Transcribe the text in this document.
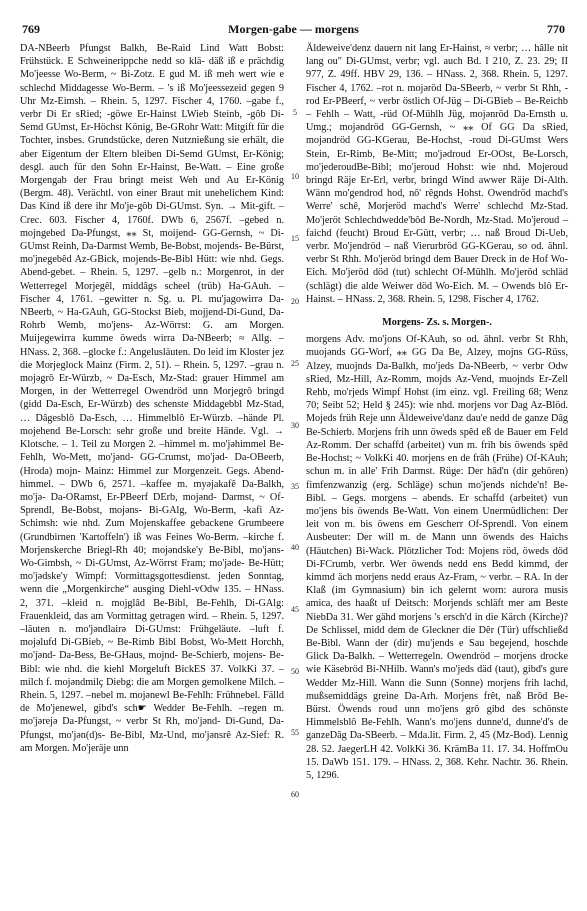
769	Morgen-gabe — morgens	770

DA-NBeerb Pfungst Balkh, Be-Raid Lind Watt Bobst: Frühstück. E Schweinerippche nedd so klä- däß iß e prächdig Mo'jeesse Wo-Berm, ~ Bi-Zotz. E gud M. iß meh wert wie e schlechd Middagesse Wo-Berm. – 's iß Mo'jeessezeid gegen 9 Uhr Mz-Eimsh. – Rhein. 5, 1297. Fischer 4, 1760. –gabe f., verbr Di Er sRied; -göwe Er-Hainst LWieb Steinb, -gôb Di-Semd GUmst, Er-Höchst König, Be-GRohr Watt: Mitgift für die Tochter, insbes. Grundstücke, deren Nutznießung sie erhält, die aber Eigentum der Eltern bleiben Di-Semd GUmst, Er-König; desgl. auch für den Sohn Er-Hainst, Be-Watt. – Eine große Morgengab der Frau bringt meist Weh und Au Er-König (Bergm. 48). Verächtl. von einer Braut mit unehelichem Kind: Das Kind iß dere ihr Mo'je-gôb Di-GUmst. Syn. → Mit-gift. – Crec. 603. Fischer 4, 1760f. DWb 6, 2567f. –gebed n. mojngebed Da-Pfungst, ⁎⁎ St, moijend- GG-Gernsh, ~ Di-GUmst Reinh, Da-Darmst Wemb, Be-Bobst, mojends- Be-Bürst, mo'jnegebêd Az-GBick, mojends-Be-Bibl Hütt: wie nhd. Gegs. Abend-gebet. – Rhein. 5, 1297. –gelb n.: Morgenrot, in der Wetterregel Morjegêl, middâgs scheel (trüb) Ha-GAuh. – Fischer 4, 1761. –gewitter n. Sg. u. Pl. mu'jagowirrə Da-NBeerb, ~ Ha-GAuh, GG-Stockst Bieb, mojjend-Di-Gund, Da-Rohrb Wemb, mo'jens- Az-Wörrst: G. am Morgen. Muijegewirra kumme öweds wirra Da-NBeerb; ≈ Allg. – HNass. 2, 368. –glocke f.: Angelusläuten. Do leid im Kloster jez die Morjeglock Mainz (Firm. 2, 51). – Rhein. 5, 1297. –grau n. mojəgrô Er-Würzb, ~ Da-Esch, Mz-Stad: grauer Himmel am Morgen, in der Wetterregel Owendröd unn Morjegrô bringd (gidd Da-Esch, Er-Würzb) des schenste Middagebbl Mz-Stad, … Dâgesblô Da-Esch, … Himmelblô Er-Würzb. –hände Pl. mojehend Be-Lorsch: sehr große und breite Hände. Vgl. → Klotsche. – 1. Teil zu Morgen 2. –himmel m. mo'jəhimmel Be-Fehlh, Wo-Mett, mo'jənd- GG-Crumst, mo'jəd- Da-OBeerb, (Hroda) mojn- Mainz: Himmel zur Morgenzeit. Gegs. Abend-himmel. – DWb 6, 2571. –kaffee m. myəjakafê Da-Balkh, mo'jə- Da-ORamst, Er-PBeerf DErb, mojənd- Darmst, ~ Of-Sprendl, Be-Bobst, mojəns- Bi-GAlg, Wo-Berm, -kafi Az-Schimsh: wie nhd. Zum Mojenskaffee gebackene Grumbeere (Grundbirnen 'Kartoffeln') iß was Feines Wo-Berm. –kirche f. Morjenskerche Briegl-Rh 40; mojəndske'y Be-Bibl, mo'jəns- Wo-Gimbsh, ~ Di-GUmst, Az-Wörrst Fram; mo'jəde- Be-Hütt; mo'jədske'y Wimpf: Vormittagsgottesdienst. jeden Sonntag, wenn die „Morgenkirche“ ausging Diehl-vOdw 135. – HNass. 2, 371. –kleid n. mojglâd Be-Bibl, Be-Fehlh, Di-GAlg: Frauenkleid, das am Vormittag getragen wird. – Rhein. 5, 1297. –läuten n. mo'jəndlairə Di-GUmst: Frühgeläute. –luft f. mojəlufd Di-GBieb, ~ Be-Rimb Bibl Bobst, Wo-Mett Horchh, mo'jənd- Da-Bess, Be-GHaus, mojnd- Be-Schierb, mojens- Be-Bibl: wie nhd. die kiehl Morgeluft BickES 37. VolkKi 37. –milch f. mojəndmilç Diebg: die am Morgen gemolkene Milch. – Rhein. 5, 1297. –nebel m. mojənewl Be-Fehlh: Frühnebel. Fälld de Mo'jenewel, gibd's sch☛ Wedder Be-Fehlh. –regen m. mo'jərejə Da-Pfungst, ~ verbr St Rh, mo'jənd- Di-Gund, Da-Pfungst, mo'jən(d)s- Be-Bibl, Mz-Und, mo'jənsrê Az-Sief: R. am Morgen. Mo'jeräje unn

Äldeweive'denz dauern nit lang Er-Hainst, ≈ verbr; … hâlle nit lang ou" Di-GUmst, verbr; vgl. auch Bd. I 210, Z. 23. 29; II 977, Z. 49ff. HBV 29, 136. – HNass. 2, 368. Rhein. 5, 1297. Fischer 4, 1762. –rot n. mojəröd Da-SBeerb, ~ verbr St Rhh, -rod Er-PBeerf, ~ verbr östlich Of-Jüg – Di-GBieb – Be-Reichb – Fehlh – Watt, -rüd Of-Mühlh Jüg, mojənröd Da-Ernsth u. Umg.; mojəndröd GG-Gernsh, ~ ⁎⁎ Of GG Da sRied, mojəndröd GG-KGerau, Be-Hochst, -roud Di-GUmst Wers Stein, Er-Rimb, Be-Mitt; mo'jədroud Er-OOst, Be-Lorsch, mo'jederoudBe-Bibl; mo'jeroud Hohst: wie nhd. Mojeroud bringd Räje Er-Erl, verbr, bringd Wind awwer Räje Di-Alth. Wänn mo'gendrod hod, nô' rêgnds Hohst. Owendröd machd's Werre' schê, Morjeröd machd's Werre' schlechd Mz-Stad. Mo'jeröt Schlechdwedde'bôd Be-Nordh, Mz-Stad. Mo'jeroud – faichd (feucht) Broud Er-Gütt, verbr; … naß Broud Di-Ueb, verbr. Mo'jendröd – naß Vierurbröd GG-KGerau, so od. ähnl. verbr St Rhh. Mo'jeröd bringd dem Bauer Dreck in de Hof Wo-Eich. Mo'jeröd död (tut) schlecht Of-Mühlh. Mo'jeröd schläd (schlägt) die alde Weiwer död Wo-Eich. M. – Owends blô Er-Hainst. – HNass. 2, 368. Rhein. 5, 1298. Fischer 4, 1762.

Morgens- Zs. s. Morgen-.

morgens Adv. mo'jons Of-KAuh, so od. ähnl. verbr St Rhh, muojənds GG-Worf, ⁎⁎ GG Da Be, Alzey, mojns GG-Rüss, Alzey, muojnds Da-Balkh, mo'jeds Da-NBeerb, ~ verbr Odw sRied, Mz-Hill, Az-Romm, mojds Az-Vend, muojnds Er-Zell Rehb, mo'rjeds Wimpf Hohst (im einz. vgl. Freiling 68; Wenz 70; Seibt 52; Held § 245): wie nhd. morjens vor Dag Az-Blöd. Mojeds früh Reje unn Äldeweive'danz dau'e nedd de ganze Dâg Be-Schierb. Morjens frih unn öweds spêd eß de Bauer em Feld Az-Romm. Der schaffd (arbeitet) vun m. frih bis öwends spêd Be-Hochst; ~ VolkKi 40. morjens en de frâh (Frühe) Of-KAuh; schun m. in alle' Frih Darmst. Rüge: Der hâd'n (dir gehören) fimfenzwanzig (erg. Schläge) schun mo'jends nichde'n! Be-Bibl. – Gegs. morgens – abends. Er schaffd (arbeitet) vun mo'jens bis öwends Be-Watt. Von einem Unermüdlichen: Der leit von m. bis öwens em Gescherr Of-Sprendl. Von einem Ausbeuter: Der will m. de Mann unn öwends des Haichs (Häutchen) Bi-Wack. Plötzlicher Tod: Mojens röd, öweds död Di-FCrumb, verbr. Wer öwends nedd ens Bedd kimmd, der kimmd äch morjens nedd eraus Az-Fram, ~ verbr. – RA. In der Klaß (im Gymnasium) bin ich gelernt worn: aurora musis amica, des haaßt uf Deitsch: Morjends schläft mer am Beste NiebDa 31. Wer gähd morjens 's ersch'd in die Kärch (Kirche)? De Schlissel, midd dem de Gleckner die Dêr (Tür) uffschließd Be-Bibl. Wann der (dir) mu'jends e Sau begejend, hoschde Glick Da-Balkh. – Wetterregeln. Owendröd – morjens drocke wie Käsebröd Bi-NHilb. Wann's mo'jeds däd (taut), gibd's gure Wedder Mz-Hill. Wann die Sunn (Sonne) morjens frih lachd, mußsemiddägs greine Da-Arh. Morjens frêt, naß Brôd Be-Bürst. Öwends roud unn mo'jens grô gibd des schönste Himmelsblô Be-Fehlh. Wann's mo'jens dunne'd, dunne'd's de ganzeDâg Da-SBeerb. – Mda.lit. Firm. 2, 45 (Mz-Bod). Lennig 28. 52. JaegerLH 42. VolkKi 36. KrämBa 11. 17. 34. HoffmOu 15. DaWb 151. 179. – HNass. 2, 368. Kehr. Nachtr. 36. Rhein. 5, 1296.

5
10
15
20
25
30
35
40
45
50
55
60
